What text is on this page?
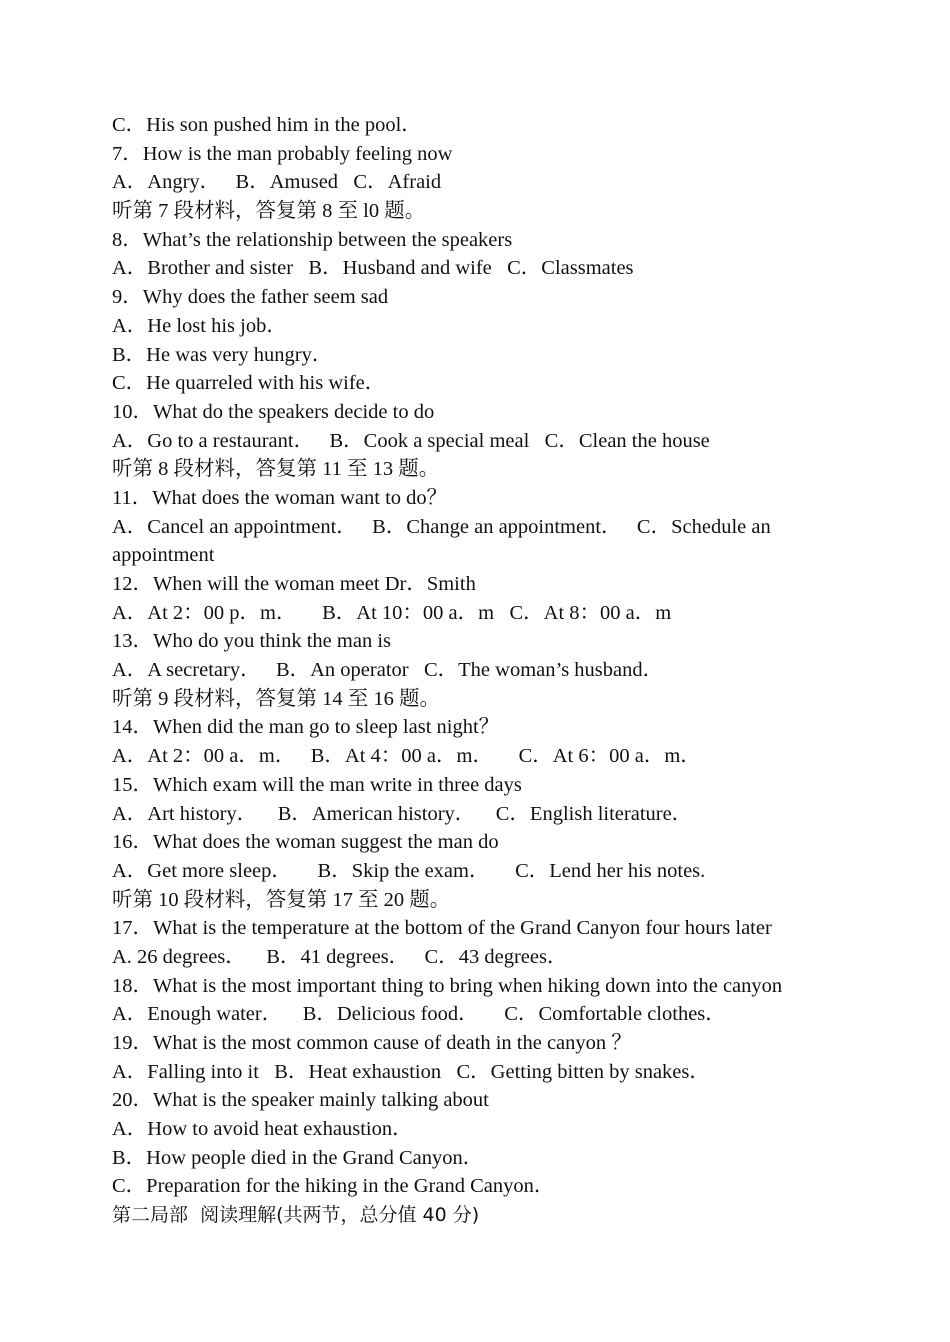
C．His son pushed him in the pool．
7．How is the man probably feeling now
A．Angry．   B．Amused   C．Afraid
听第 7 段材料，答复第 8 至 l0 题。
8．What’s the relationship between the speakers
A．Brother and sister   B．Husband and wife   C．Classmates
9．Why does the father seem sad
A．He lost his job．
B．He was very hungry．
C．He quarreled with his wife．
10．What do the speakers decide to do
A．Go to a restaurant．   B．Cook a special meal   C．Clean the house
听第 8 段材料，答复第 11 至 13 题。
11．What does the woman want to do？
A．Cancel an appointment．   B．Change an appointment．   C．Schedule an
appointment
12．When will the woman meet Dr．Smith
A．At 2：00 p．m．     B．At 10：00 a．m   C．At 8：00 a．m
13．Who do you think the man is
A．A secretary．   B．An operator   C．The woman’s husband．
听第 9 段材料，答复第 14 至 16 题。
14．When did the man go to sleep last night？
A．At 2：00 a．m．   B．At 4：00 a．m．     C．At 6：00 a．m．
15．Which exam will the man write in three days
A．Art history．    B．American history．    C．English literature．
16．What does the woman suggest the man do
A．Get more sleep．     B．Skip the exam．     C．Lend her his notes.
听第 10 段材料，答复第 17 至 20 题。
17．What is the temperature at the bottom of the Grand Canyon four hours later
A. 26 degrees．    B．41 degrees．   C．43 degrees．
18．What is the most important thing to bring when hiking down into the canyon
A．Enough water．    B．Delicious food．     C．Comfortable clothes．
19．What is the most common cause of death in the canyon ？
A．Falling into it   B．Heat exhaustion   C．Getting bitten by snakes．
20．What is the speaker mainly talking about
A．How to avoid heat exhaustion．
B．How people died in the Grand Canyon．
C．Preparation for the hiking in the Grand Canyon．
第二局部  阅读理解(共两节，总分值 40 分)
